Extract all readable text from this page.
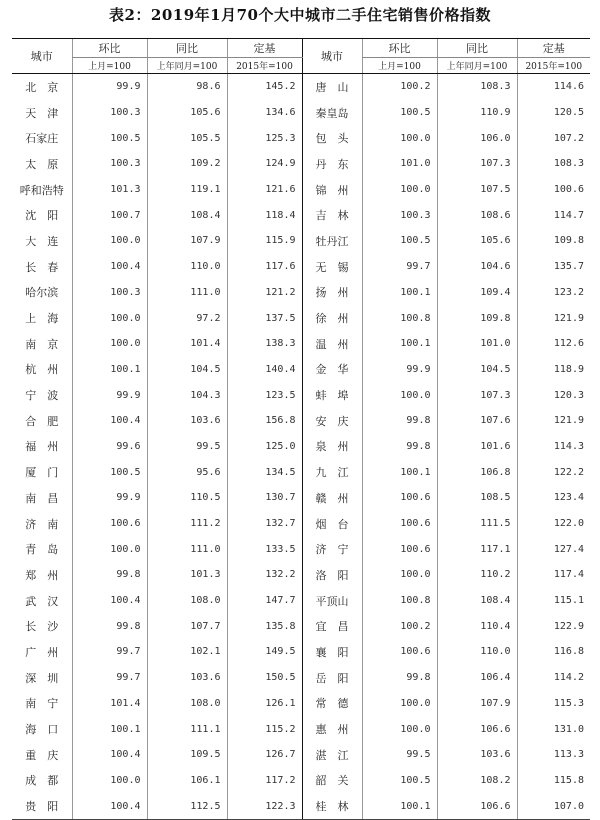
表2：2019年1月70个大中城市二手住宅销售价格指数
城市	环比	同比	定基	城市	环比	同比	定基
	上月=100	上年同月=100	2015年=100		上月=100	上年同月=100	2015年=100
北　京	99.9	98.6	145.2	唐　山	100.2	108.3	114.6
天　津	100.3	105.6	134.6	秦皇岛	100.5	110.9	120.5
石家庄	100.5	105.5	125.3	包　头	100.0	106.0	107.2
太　原	100.3	109.2	124.9	丹　东	101.0	107.3	108.3
呼和浩特	101.3	119.1	121.6	锦　州	100.0	107.5	100.6
沈　阳	100.7	108.4	118.4	吉　林	100.3	108.6	114.7
大　连	100.0	107.9	115.9	牡丹江	100.5	105.6	109.8
长　春	100.4	110.0	117.6	无　锡	99.7	104.6	135.7
哈尔滨	100.3	111.0	121.2	扬　州	100.1	109.4	123.2
上　海	100.0	97.2	137.5	徐　州	100.8	109.8	121.9
南　京	100.0	101.4	138.3	温　州	100.1	101.0	112.6
杭　州	100.1	104.5	140.4	金　华	99.9	104.5	118.9
宁　波	99.9	104.3	123.5	蚌　埠	100.0	107.3	120.3
合　肥	100.4	103.6	156.8	安　庆	99.8	107.6	121.9
福　州	99.6	99.5	125.0	泉　州	99.8	101.6	114.3
厦　门	100.5	95.6	134.5	九　江	100.1	106.8	122.2
南　昌	99.9	110.5	130.7	赣　州	100.6	108.5	123.4
济　南	100.6	111.2	132.7	烟　台	100.6	111.5	122.0
青　岛	100.0	111.0	133.5	济　宁	100.6	117.1	127.4
郑　州	99.8	101.3	132.2	洛　阳	100.0	110.2	117.4
武　汉	100.4	108.0	147.7	平顶山	100.8	108.4	115.1
长　沙	99.8	107.7	135.8	宜　昌	100.2	110.4	122.9
广　州	99.7	102.1	149.5	襄　阳	100.6	110.0	116.8
深　圳	99.7	103.6	150.5	岳　阳	99.8	106.4	114.2
南　宁	101.4	108.0	126.1	常　德	100.0	107.9	115.3
海　口	100.1	111.1	115.2	惠　州	100.0	106.6	131.0
重　庆	100.4	109.5	126.7	湛　江	99.5	103.6	113.3
成　都	100.0	106.1	117.2	韶　关	100.5	108.2	115.8
贵　阳	100.4	112.5	122.3	桂　林	100.1	106.6	107.0
